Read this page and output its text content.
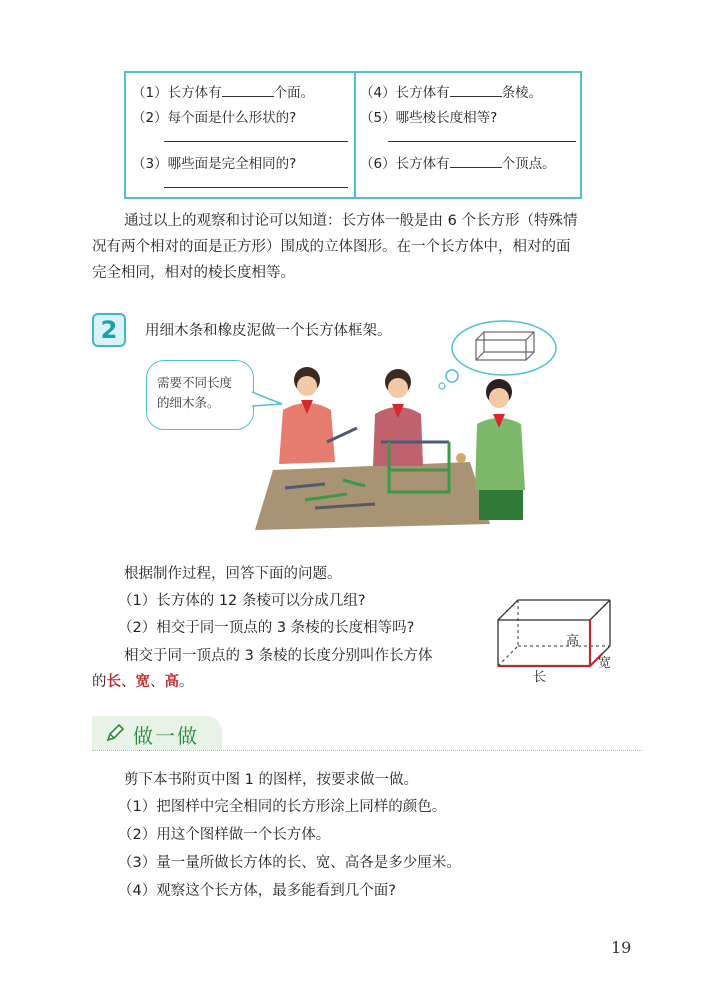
（1）长方体有	个面。
（2）每个面是什么形状的?
（3）哪些面是完全相同的?
（4）长方体有	条棱。
（5）哪些棱长度相等?
（6）长方体有	个顶点。
通过以上的观察和讨论可以知道：长方体一般是由 6 个长方形（特殊情
况有两个相对的面是正方形）围成的立体图形。在一个长方体中，相对的面
完全相同，相对的棱长度相等。
2	用细木条和橡皮泥做一个长方体框架。
需要不同长度
的细木条。
根据制作过程，回答下面的问题。
（1）长方体的 12 条棱可以分成几组?
（2）相交于同一顶点的 3 条棱的长度相等吗?
相交于同一顶点的 3 条棱的长度分别叫作长方体
的长、宽、高。
高
长
宽
做一做
剪下本书附页中图 1 的图样，按要求做一做。
（1）把图样中完全相同的长方形涂上同样的颜色。
（2）用这个图样做一个长方体。
（3）量一量所做长方体的长、宽、高各是多少厘米。
（4）观察这个长方体，最多能看到几个面?
19
